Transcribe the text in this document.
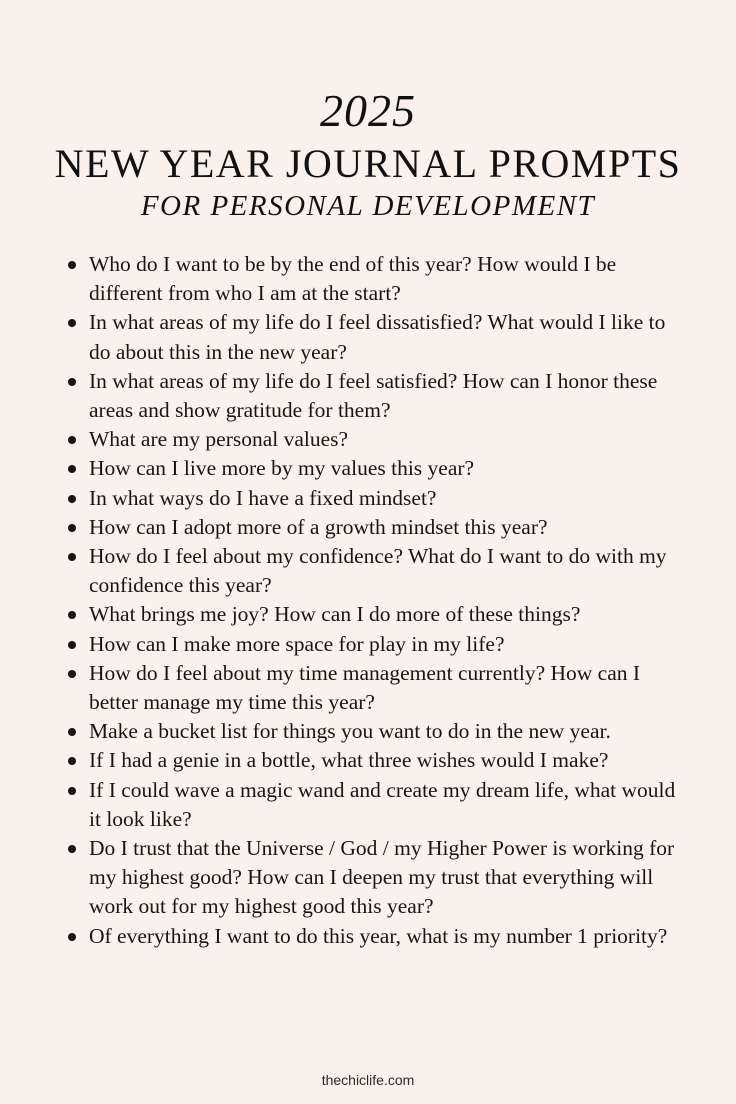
2025
NEW YEAR JOURNAL PROMPTS
FOR PERSONAL DEVELOPMENT
Who do I want to be by the end of this year? How would I be different from who I am at the start?
In what areas of my life do I feel dissatisfied? What would I like to do about this in the new year?
In what areas of my life do I feel satisfied? How can I honor these areas and show gratitude for them?
What are my personal values?
How can I live more by my values this year?
In what ways do I have a fixed mindset?
How can I adopt more of a growth mindset this year?
How do I feel about my confidence? What do I want to do with my confidence this year?
What brings me joy? How can I do more of these things?
How can I make more space for play in my life?
How do I feel about my time management currently? How can I better manage my time this year?
Make a bucket list for things you want to do in the new year.
If I had a genie in a bottle, what three wishes would I make?
If I could wave a magic wand and create my dream life, what would it look like?
Do I trust that the Universe / God / my Higher Power is working for my highest good? How can I deepen my trust that everything will work out for my highest good this year?
Of everything I want to do this year, what is my number 1 priority?
thechiclife.com
